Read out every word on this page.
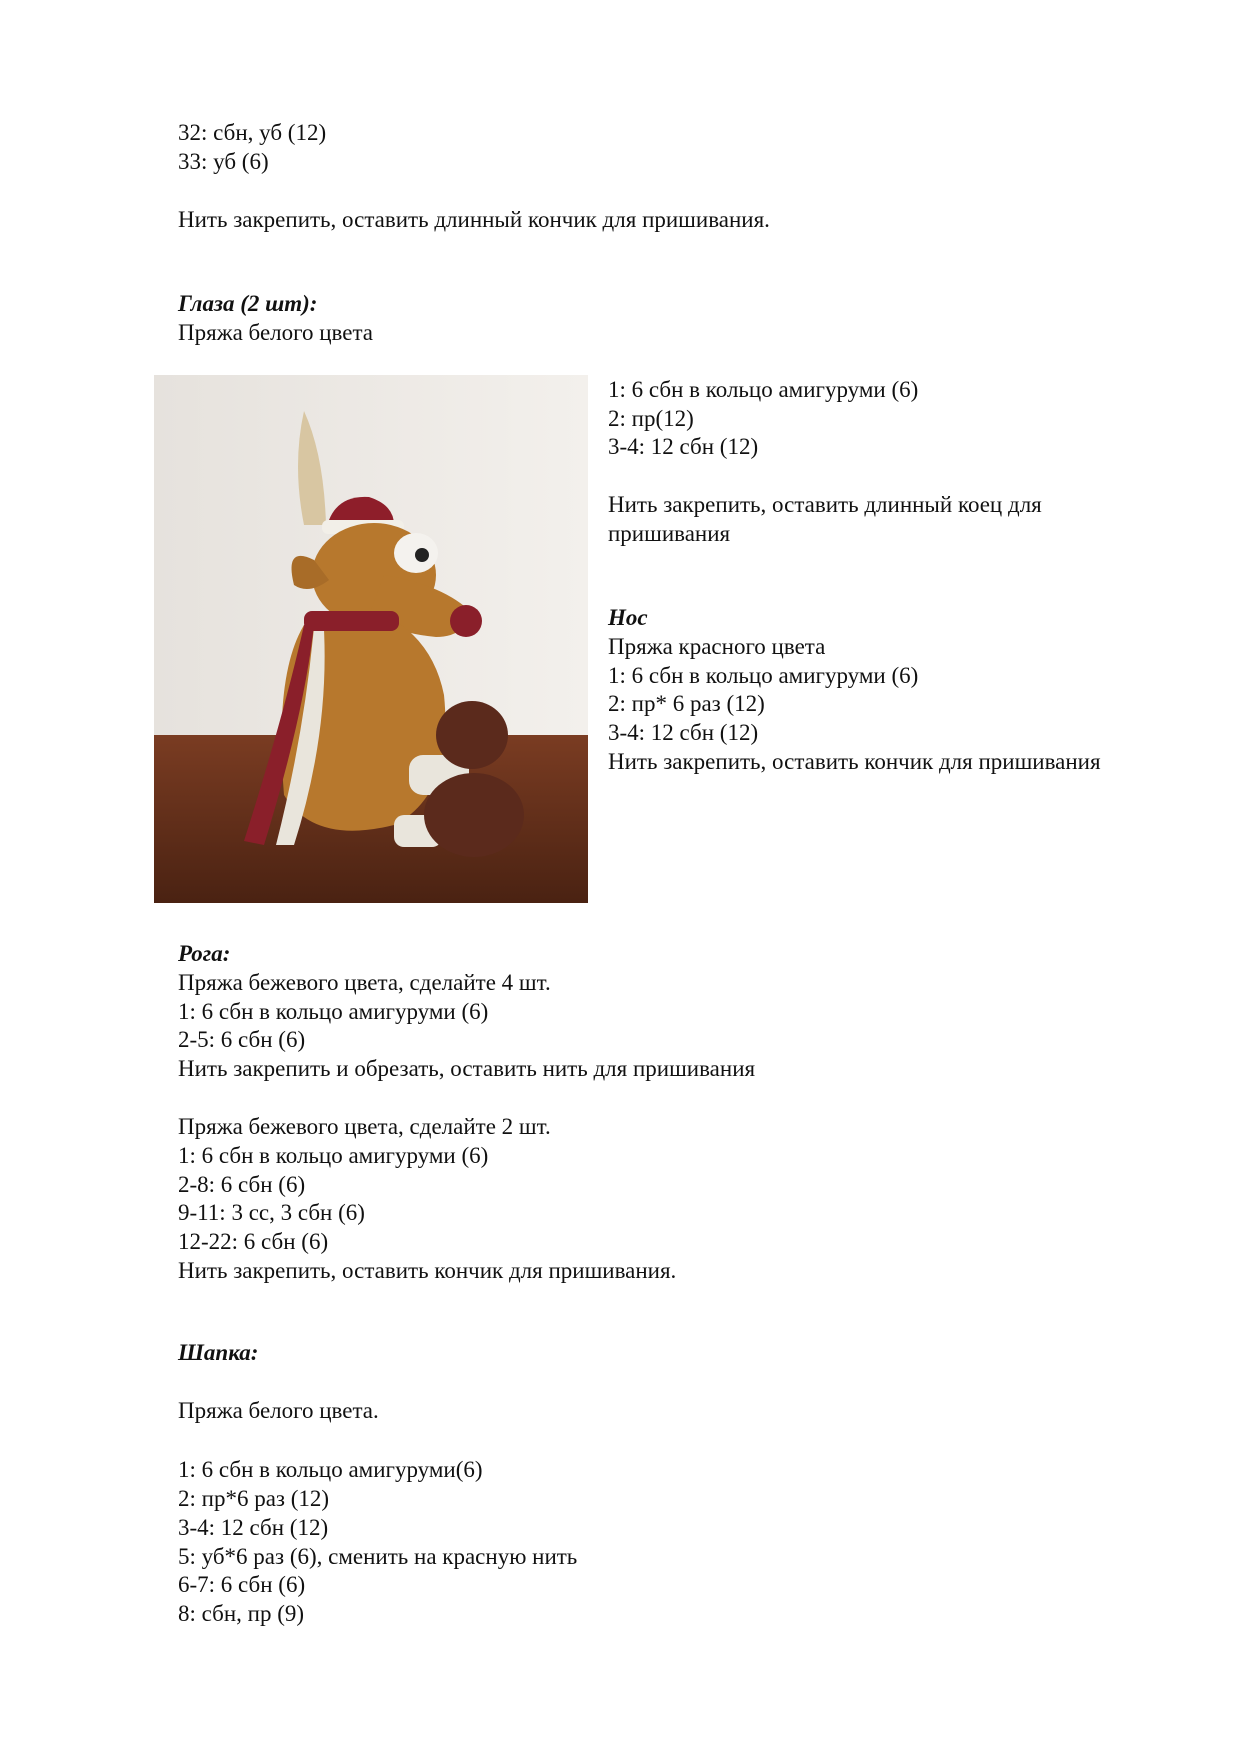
32: сбн, уб (12)
33: уб (6)
Нить закрепить, оставить длинный кончик для пришивания.
Глаза (2 шт):
Пряжа белого цвета
1: 6 сбн в кольцо амигуруми (6)
2: пр(12)
3-4: 12 сбн (12)
Нить закрепить, оставить длинный коец для
пришивания
Нос
Пряжа красного цвета
1: 6 сбн в кольцо амигуруми (6)
2: пр* 6 раз (12)
3-4: 12 сбн (12)
Нить закрепить, оставить кончик для пришивания
Рога:
Пряжа бежевого цвета, сделайте 4 шт.
1: 6 сбн в кольцо амигуруми (6)
2-5: 6 сбн (6)
Нить закрепить и обрезать, оставить нить для пришивания
Пряжа бежевого цвета, сделайте 2 шт.
1: 6 сбн в кольцо амигуруми (6)
2-8: 6 сбн (6)
9-11: 3 сс, 3 сбн (6)
12-22: 6 сбн (6)
Нить закрепить, оставить кончик для пришивания.
Шапка:
Пряжа белого цвета.
1: 6 сбн в кольцо амигуруми(6)
2: пр*6 раз (12)
3-4: 12 сбн (12)
5: уб*6 раз (6), сменить на красную нить
6-7: 6 сбн (6)
8: сбн, пр (9)
